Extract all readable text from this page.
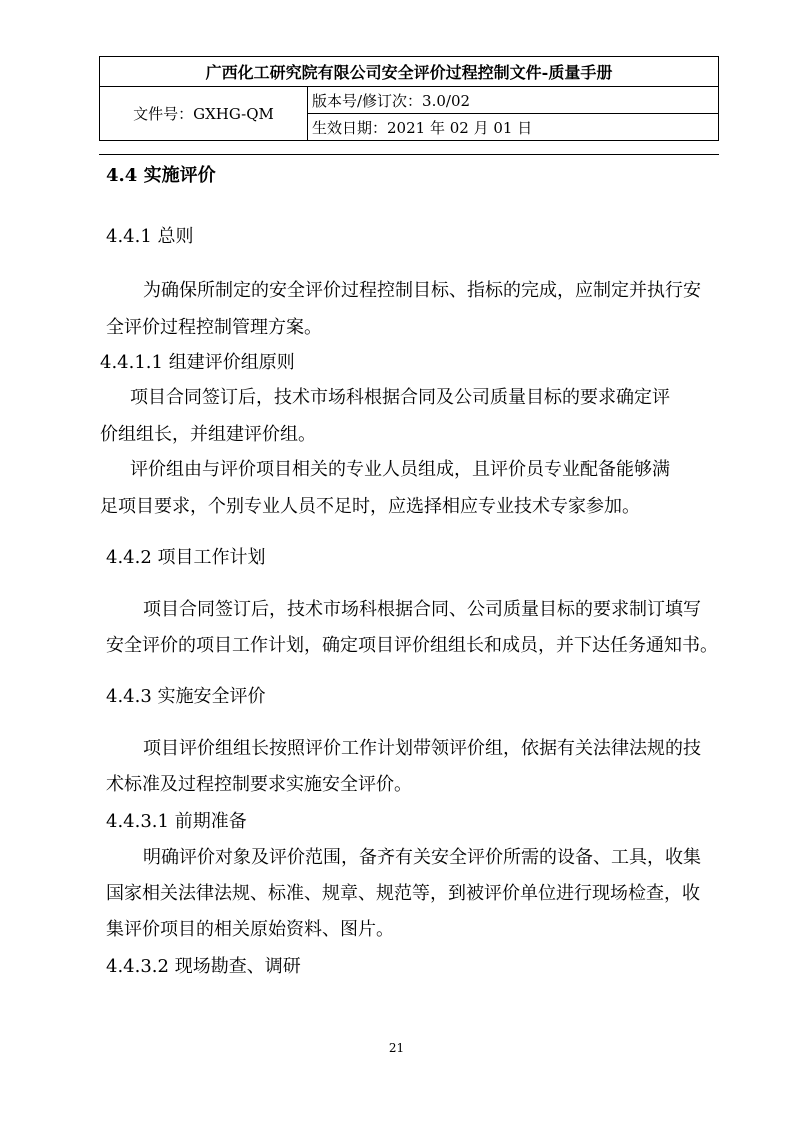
广西化工研究院有限公司安全评价过程控制文件-质量手册
文件号：GXHG-QM	版本号/修订次：3.0/02
生效日期：2021 年 02 月 01 日
4.4 实施评价
4.4.1 总则
为确保所制定的安全评价过程控制目标、指标的完成，应制定并执行安
全评价过程控制管理方案。
4.4.1.1 组建评价组原则
项目合同签订后，技术市场科根据合同及公司质量目标的要求确定评
价组组长，并组建评价组。
评价组由与评价项目相关的专业人员组成，且评价员专业配备能够满
足项目要求，个别专业人员不足时，应选择相应专业技术专家参加。
4.4.2 项目工作计划
项目合同签订后，技术市场科根据合同、公司质量目标的要求制订填写
安全评价的项目工作计划，确定项目评价组组长和成员，并下达任务通知书。
4.4.3 实施安全评价
项目评价组组长按照评价工作计划带领评价组，依据有关法律法规的技
术标准及过程控制要求实施安全评价。
4.4.3.1 前期准备
明确评价对象及评价范围，备齐有关安全评价所需的设备、工具，收集
国家相关法律法规、标准、规章、规范等，到被评价单位进行现场检查，收
集评价项目的相关原始资料、图片。
4.4.3.2 现场勘查、调研
21
